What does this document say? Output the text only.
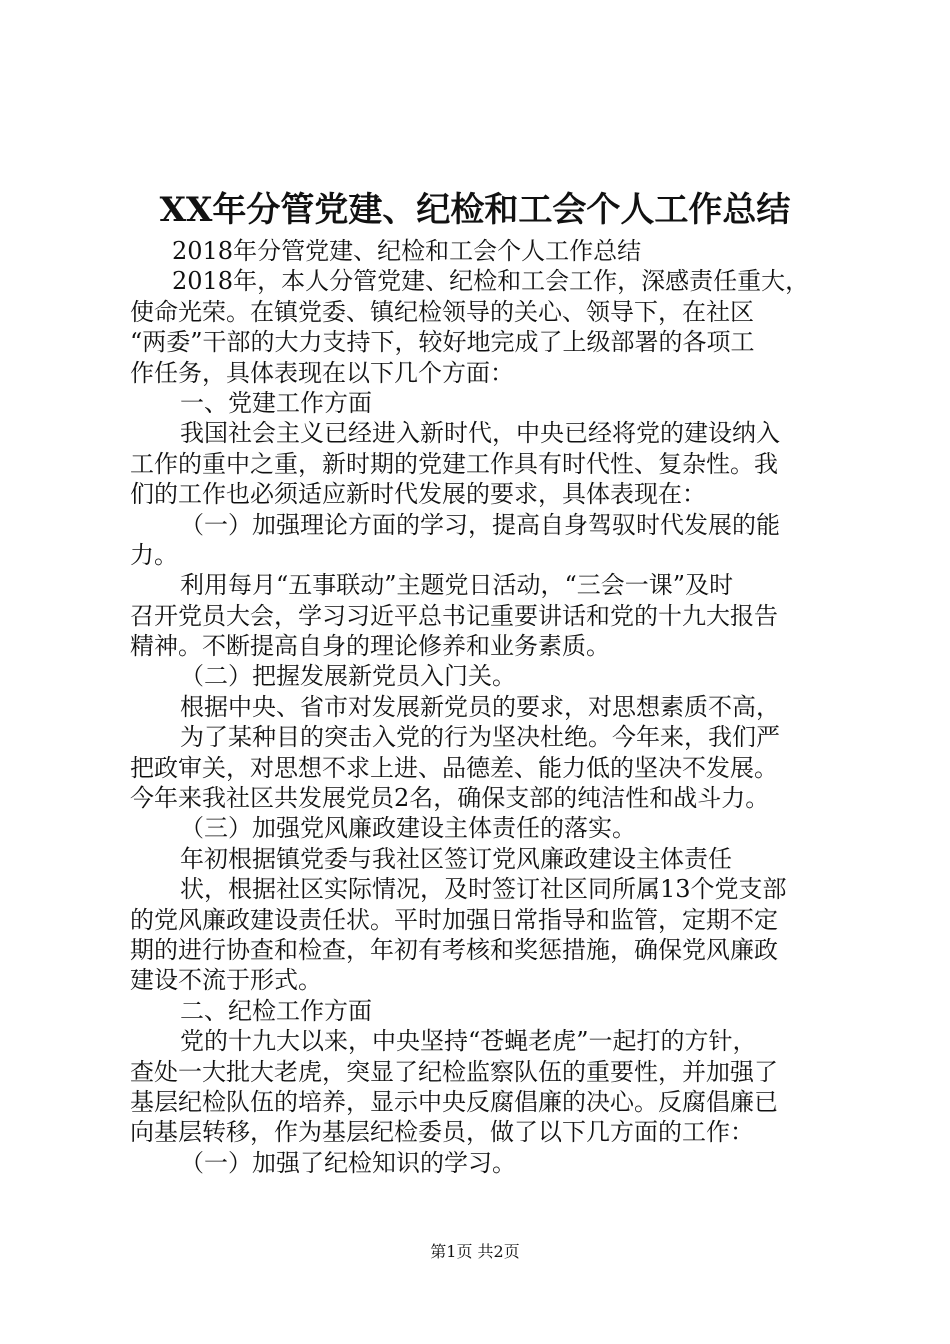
XX年分管党建、纪检和工会个人工作总结
2018年分管党建、纪检和工会个人工作总结
2018年，本人分管党建、纪检和工会工作，深感责任重大，
使命光荣。在镇党委、镇纪检领导的关心、领导下，在社区
“两委”干部的大力支持下，较好地完成了上级部署的各项工
作任务，具体表现在以下几个方面：
一、党建工作方面
我国社会主义已经进入新时代，中央已经将党的建设纳入
工作的重中之重，新时期的党建工作具有时代性、复杂性。我
们的工作也必须适应新时代发展的要求，具体表现在：
（一）加强理论方面的学习，提高自身驾驭时代发展的能
力。
利用每月“五事联动”主题党日活动，“三会一课”及时
召开党员大会，学习习近平总书记重要讲话和党的十九大报告
精神。不断提高自身的理论修养和业务素质。
（二）把握发展新党员入门关。
根据中央、省市对发展新党员的要求，对思想素质不高，
为了某种目的突击入党的行为坚决杜绝。今年来，我们严
把政审关，对思想不求上进、品德差、能力低的坚决不发展。
今年来我社区共发展党员2名，确保支部的纯洁性和战斗力。
（三）加强党风廉政建设主体责任的落实。
年初根据镇党委与我社区签订党风廉政建设主体责任
状，根据社区实际情况，及时签订社区同所属13个党支部
的党风廉政建设责任状。平时加强日常指导和监管，定期不定
期的进行协查和检查，年初有考核和奖惩措施，确保党风廉政
建设不流于形式。
二、纪检工作方面
党的十九大以来，中央坚持“苍蝇老虎”一起打的方针，
查处一大批大老虎，突显了纪检监察队伍的重要性，并加强了
基层纪检队伍的培养，显示中央反腐倡廉的决心。反腐倡廉已
向基层转移，作为基层纪检委员，做了以下几方面的工作：
（一）加强了纪检知识的学习。
第1页 共2页
